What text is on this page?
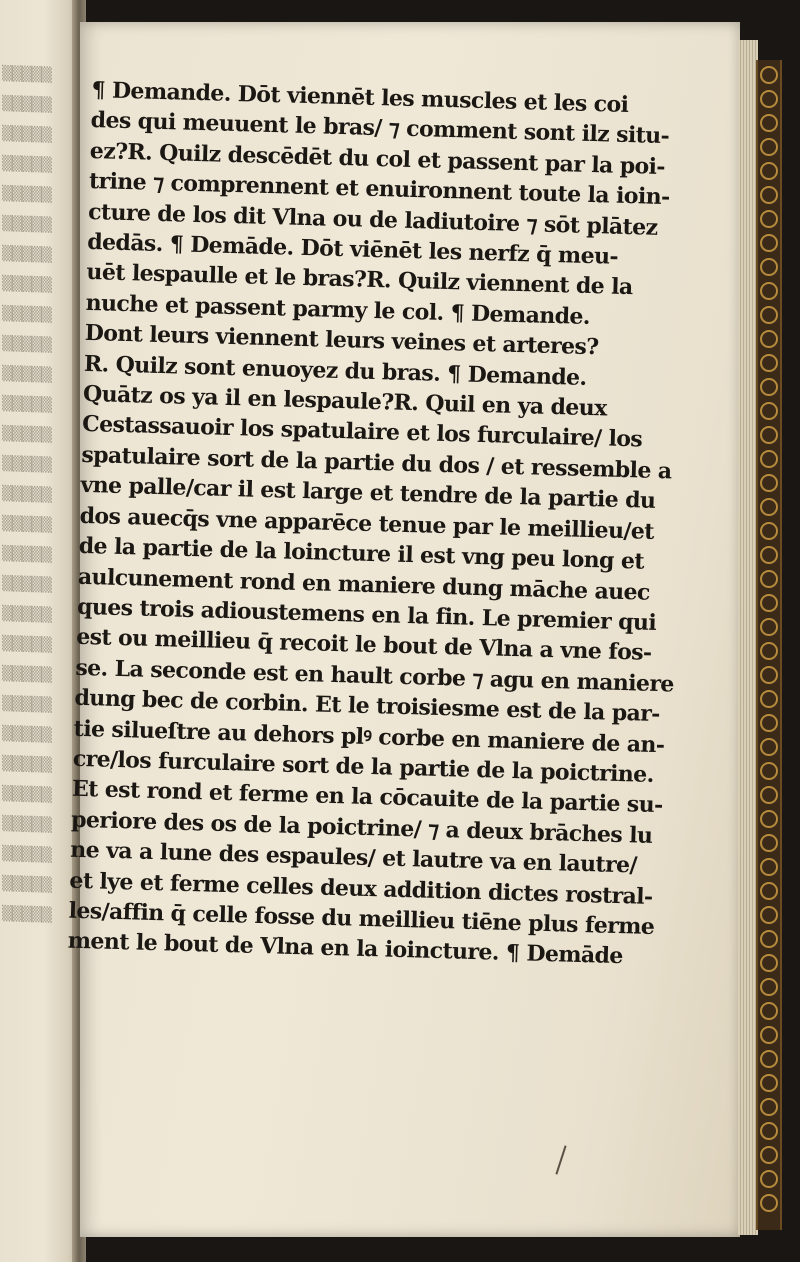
▒▒▒▒▒
▒▒▒▒▒
▒▒▒▒▒
▒▒▒▒▒
▒▒▒▒▒
▒▒▒▒▒
▒▒▒▒▒
▒▒▒▒▒
▒▒▒▒▒
▒▒▒▒▒
▒▒▒▒▒
▒▒▒▒▒
▒▒▒▒▒
▒▒▒▒▒
▒▒▒▒▒
▒▒▒▒▒
▒▒▒▒▒
▒▒▒▒▒
▒▒▒▒▒
▒▒▒▒▒
▒▒▒▒▒
▒▒▒▒▒
▒▒▒▒▒
▒▒▒▒▒
▒▒▒▒▒
▒▒▒▒▒
▒▒▒▒▒
▒▒▒▒▒
▒▒▒▒▒
¶ Demande. Dōt viennēt les muscles et les coi
des qui meuuent le bras/ ⁊ comment sont ilz situ-
ez?R. Quilz descēdēt du col et passent par la poi-
trine ⁊ comprennent et enuironnent toute la ioin-
cture de los dit Vlna ou de ladiutoire ⁊ sōt plātez
dedās. ¶ Demāde. Dōt viēnēt les nerfz q̄ meu-
uēt lespaulle et le bras?R. Quilz viennent de la
nuche et passent parmy le col. ¶ Demande.
Dont leurs viennent leurs veines et arteres?
R. Quilz sont enuoyez du bras. ¶ Demande.
Quātz os ya il en lespaule?R. Quil en ya deux
Cestassauoir los spatulaire et los furculaire/ los
spatulaire sort de la partie du dos / et ressemble a
vne palle/car il est large et tendre de la partie du
dos auecq̄s vne apparēce tenue par le meillieu/et
de la partie de la loincture il est vng peu long et
aulcunement rond en maniere dung māche auec
ques trois adioustemens en la fin. Le premier qui
est ou meillieu q̄ recoit le bout de Vlna a vne fos-
se. La seconde est en hault corbe ⁊ agu en maniere
dung bec de corbin. Et le troisiesme est de la par-
tie silueſtre au dehors plꝰ corbe en maniere de an-
cre/los furculaire sort de la partie de la poictrine.
Et est rond et ferme en la cōcauite de la partie su-
periore des os de la poictrine/ ⁊ a deux brāches lu
ne va a lune des espaules/ et lautre va en lautre/
et lye et ferme celles deux addition dictes rostral-
les/affin q̄ celle fosse du meillieu tiēne plus ferme
ment le bout de Vlna en la ioincture. ¶ Demāde
